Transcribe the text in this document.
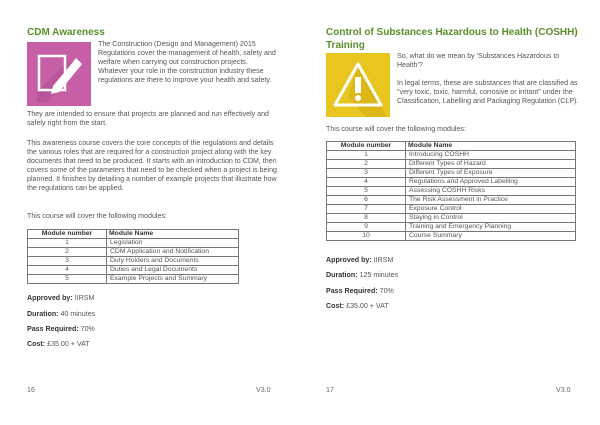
CDM Awareness
The Construction (Design and Management) 2015 Regulations cover the management of health, safety and welfare when carrying out construction projects. Whatever your role in the construction industry these regulations are there to improve your health and safety.
They are intended to ensure that projects are planned and run effectively and safely right from the start.
This awareness course covers the core concepts of the regulations and details the various roles that are required for a construction project along with the key documents that need to be produced. It starts with an introduction to CDM, then covers some of the parameters that need to be checked when a project is being planned. It finishes by detailing a number of example projects that illustrate how the regulations can be applied.
This course will cover the following modules:
Module number	Module Name
1	Legislation
2	CDM Application and Notification
3	Duty Holders and Documents
4	Duties and Legal Documents
5	Example Projects and Summary
Approved by: IIRSM
Duration: 40 minutes
Pass Required: 70%
Cost: £35.00 + VAT
16	V3.0
Control of Substances Hazardous to Health (COSHH) Training
So, what do we mean by 'Substances Hazardous to Health'?
In legal terms, these are substances that are classified as "very toxic, toxic, harmful, corrosive or irritant" under the Classification, Labelling and Packaging Regulation (CLP).
This course will cover the following modules:
Module number	Module Name
1	Introducing COSHH
2	Different Types of Hazard
3	Different Types of Exposure
4	Regulations and Approved Labelling
5	Assessing COSHH Risks
6	The Risk Assessment in Practice
7	Exposure Control
8	Staying in Control
9	Training and Emergency Planning
10	Course Summary
Approved by: IIRSM
Duration: 125 minutes
Pass Required: 70%
Cost: £35.00 + VAT
17	V3.0
